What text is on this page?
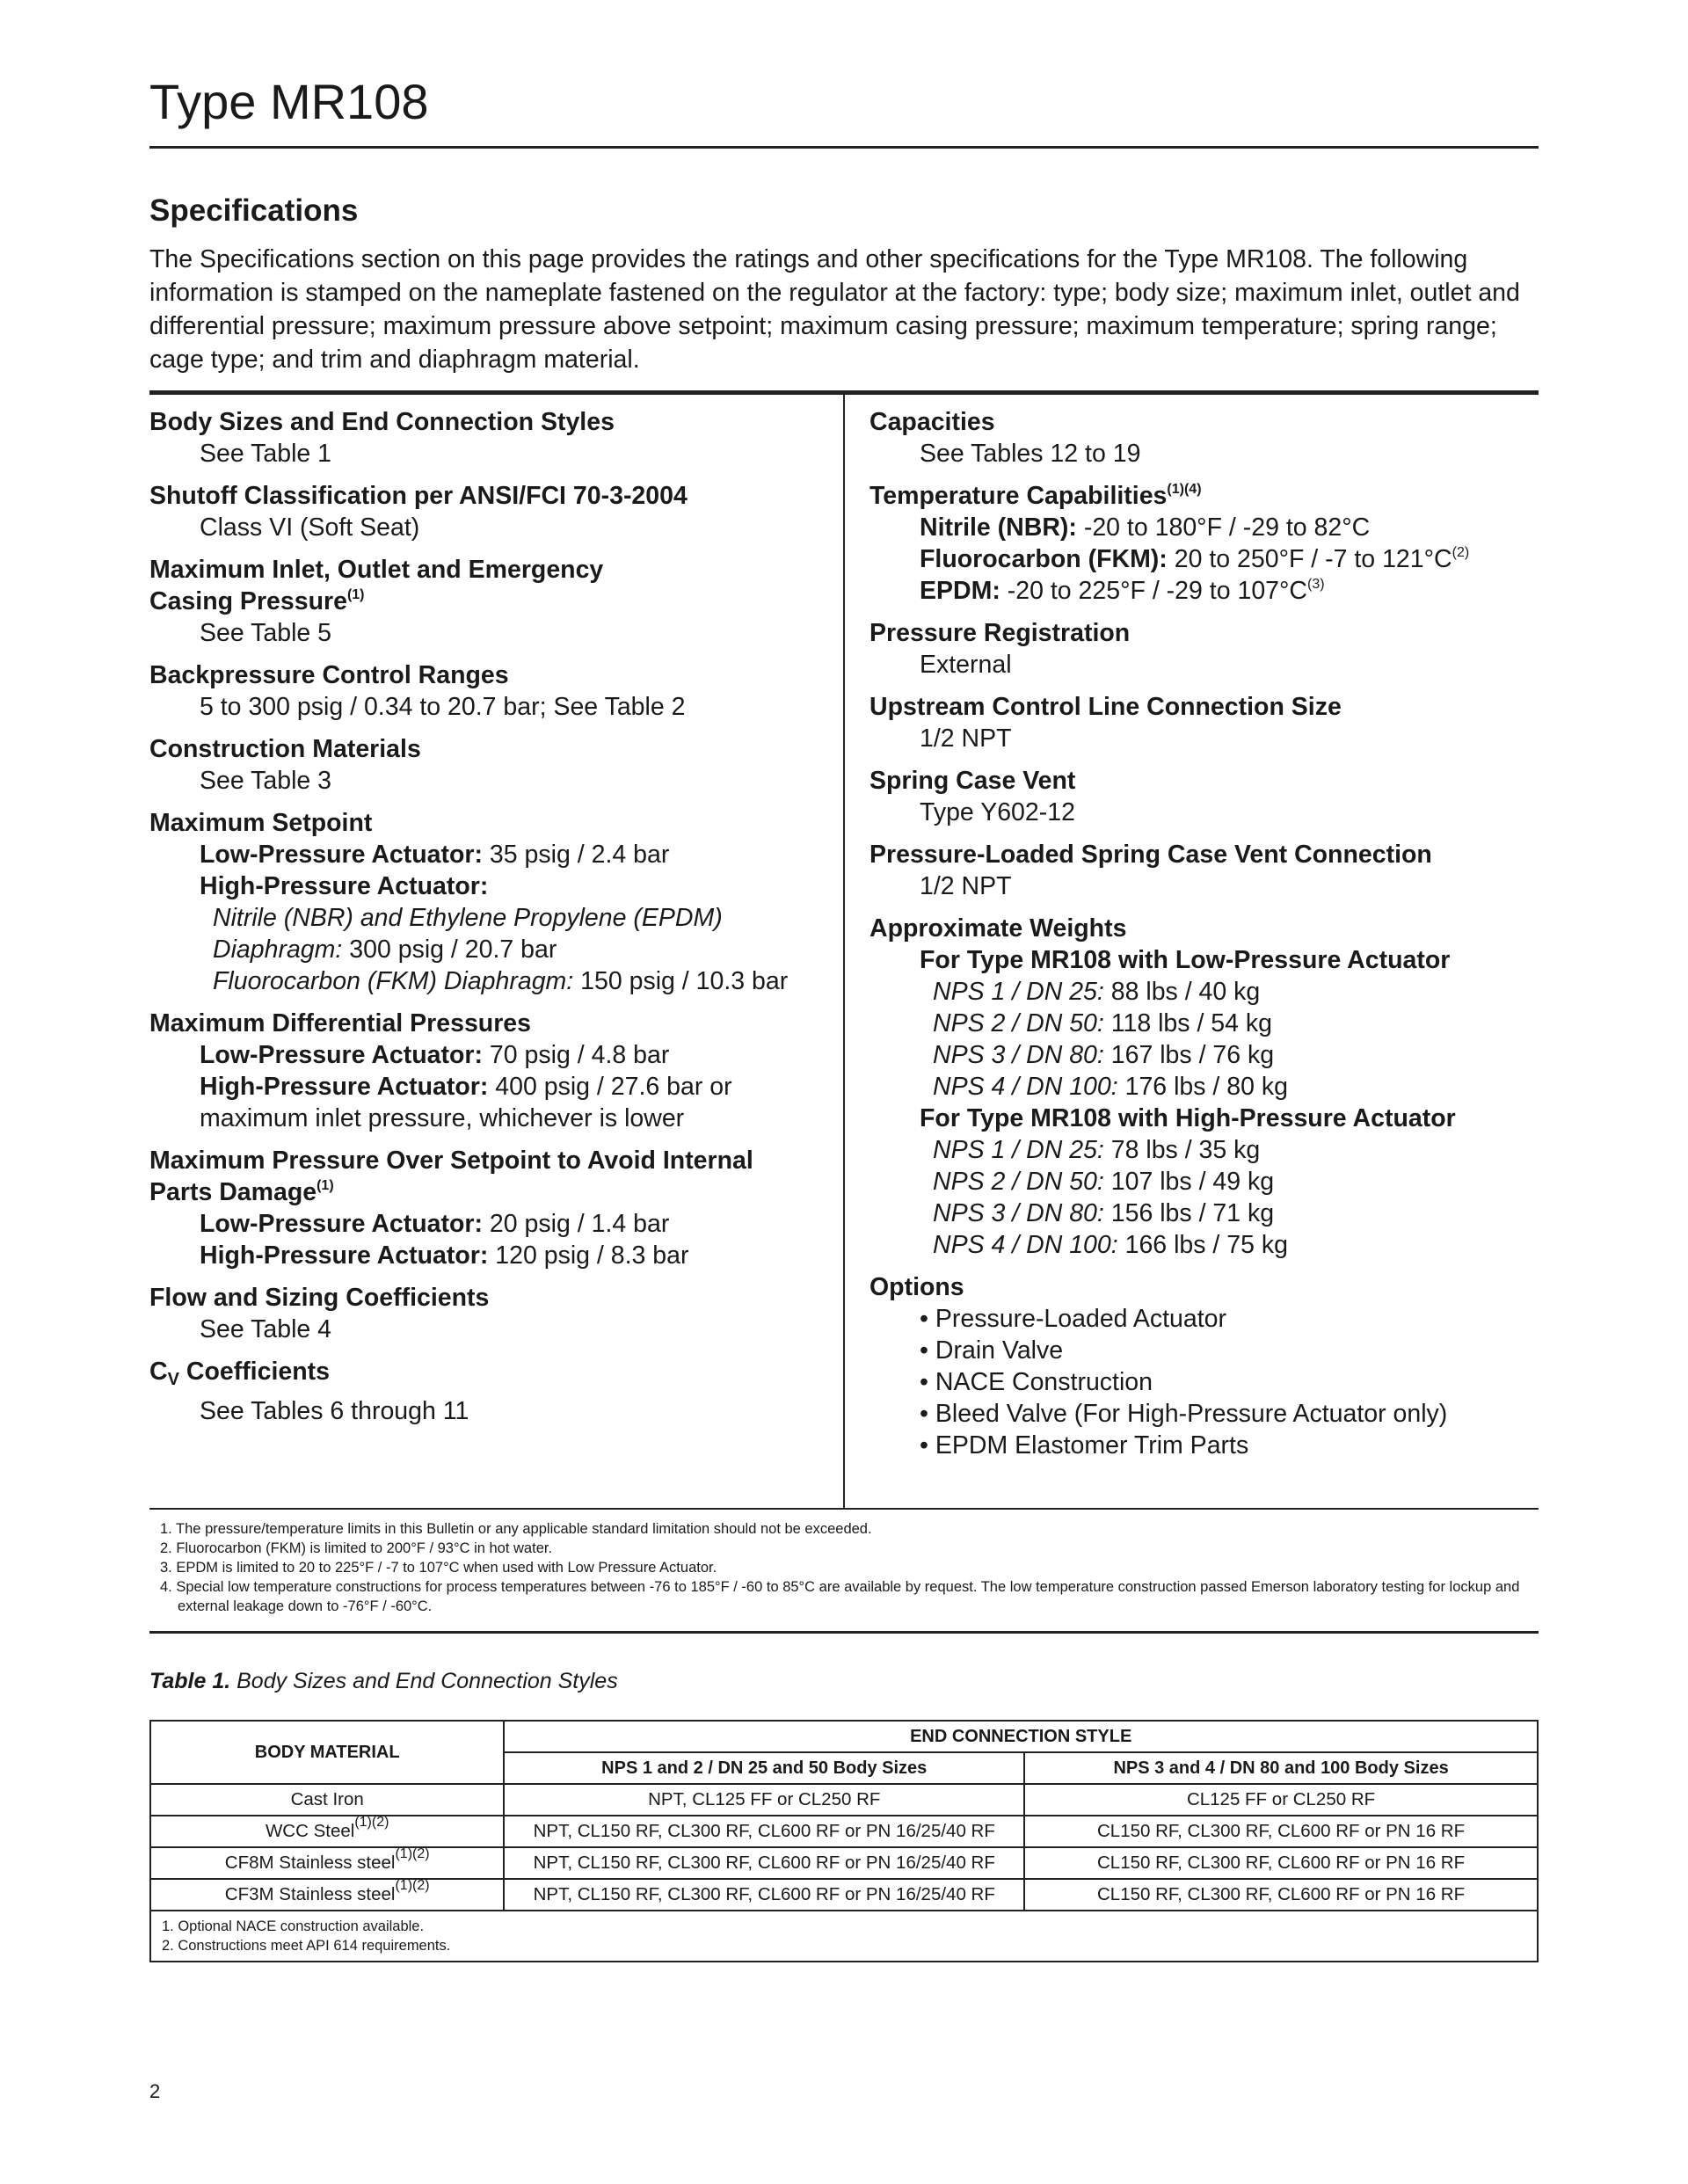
Type MR108
Specifications
The Specifications section on this page provides the ratings and other specifications for the Type MR108. The following information is stamped on the nameplate fastened on the regulator at the factory: type; body size; maximum inlet, outlet and differential pressure; maximum pressure above setpoint; maximum casing pressure; maximum temperature; spring range; cage type; and trim and diaphragm material.
Body Sizes and End Connection Styles
See Table 1
Shutoff Classification per ANSI/FCI 70-3-2004
Class VI (Soft Seat)
Maximum Inlet, Outlet and Emergency
Casing Pressure$^{(1)}$
See Table 5
Backpressure Control Ranges
5 to 300 psig / 0.34 to 20.7 bar; See Table 2
Construction Materials
See Table 3
Maximum Setpoint
Low-Pressure Actuator: 35 psig / 2.4 bar
High-Pressure Actuator:
Nitrile (NBR) and Ethylene Propylene (EPDM)
Diaphragm: 300 psig / 20.7 bar
Fluorocarbon (FKM) Diaphragm: 150 psig / 10.3 bar
Maximum Differential Pressures
Low-Pressure Actuator: 70 psig / 4.8 bar
High-Pressure Actuator: 400 psig / 27.6 bar or
maximum inlet pressure, whichever is lower
Maximum Pressure Over Setpoint to Avoid Internal
Parts Damage$^{(1)}$
Low-Pressure Actuator: 20 psig / 1.4 bar
High-Pressure Actuator: 120 psig / 8.3 bar
Flow and Sizing Coefficients
See Table 4
$C_V$ Coefficients
See Tables 6 through 11
Capacities
See Tables 12 to 19
Temperature Capabilities$^{(1)(4)}$
Nitrile (NBR): -20 to 180°F / -29 to 82°C
Fluorocarbon (FKM): 20 to 250°F / -7 to $121^\circ C^{(2)}$
EPDM: -20 to 225°F / -29 to $107^\circ C^{(3)}$
Pressure Registration
External
Upstream Control Line Connection Size
1/2 NPT
Spring Case Vent
Type Y602-12
Pressure-Loaded Spring Case Vent Connection
1/2 NPT
Approximate Weights
For Type MR108 with Low-Pressure Actuator
NPS 1 / DN 25: 88 lbs / 40 kg
NPS 2 / DN 50: 118 lbs / 54 kg
NPS 3 / DN 80: 167 lbs / 76 kg
NPS 4 / DN 100: 176 lbs / 80 kg
For Type MR108 with High-Pressure Actuator
NPS 1 / DN 25: 78 lbs / 35 kg
NPS 2 / DN 50: 107 lbs / 49 kg
NPS 3 / DN 80: 156 lbs / 71 kg
NPS 4 / DN 100: 166 lbs / 75 kg
Options
• Pressure-Loaded Actuator
• Drain Valve
• NACE Construction
• Bleed Valve (For High-Pressure Actuator only)
• EPDM Elastomer Trim Parts
1. The pressure/temperature limits in this Bulletin or any applicable standard limitation should not be exceeded.
2. Fluorocarbon (FKM) is limited to 200°F / 93°C in hot water.
3. EPDM is limited to 20 to 225°F / -7 to 107°C when used with Low Pressure Actuator.
4. Special low temperature constructions for process temperatures between -76 to 185°F / -60 to 85°C are available by request. The low temperature construction passed Emerson laboratory testing for lockup and external leakage down to -76°F / -60°C.
Table 1. Body Sizes and End Connection Styles
BODY MATERIAL	END CONNECTION STYLE	
	NPS 1 and 2 / DN 25 and 50 Body Sizes	NPS 3 and 4 / DN 80 and 100 Body Sizes
Cast Iron	NPT, CL125 FF or CL250 RF	CL125 FF or CL250 RF
WCC Steel$^{(1)(2)}$	NPT, CL150 RF, CL300 RF, CL600 RF or PN 16/25/40 RF	CL150 RF, CL300 RF, CL600 RF or PN 16 RF
CF8M Stainless steel$^{(1)(2)}$	NPT, CL150 RF, CL300 RF, CL600 RF or PN 16/25/40 RF	CL150 RF, CL300 RF, CL600 RF or PN 16 RF
CF3M Stainless steel$^{(1)(2)}$	NPT, CL150 RF, CL300 RF, CL600 RF or PN 16/25/40 RF	CL150 RF, CL300 RF, CL600 RF or PN 16 RF

1. Optional NACE construction available.
2. Constructions meet API 614 requirements.		
2
